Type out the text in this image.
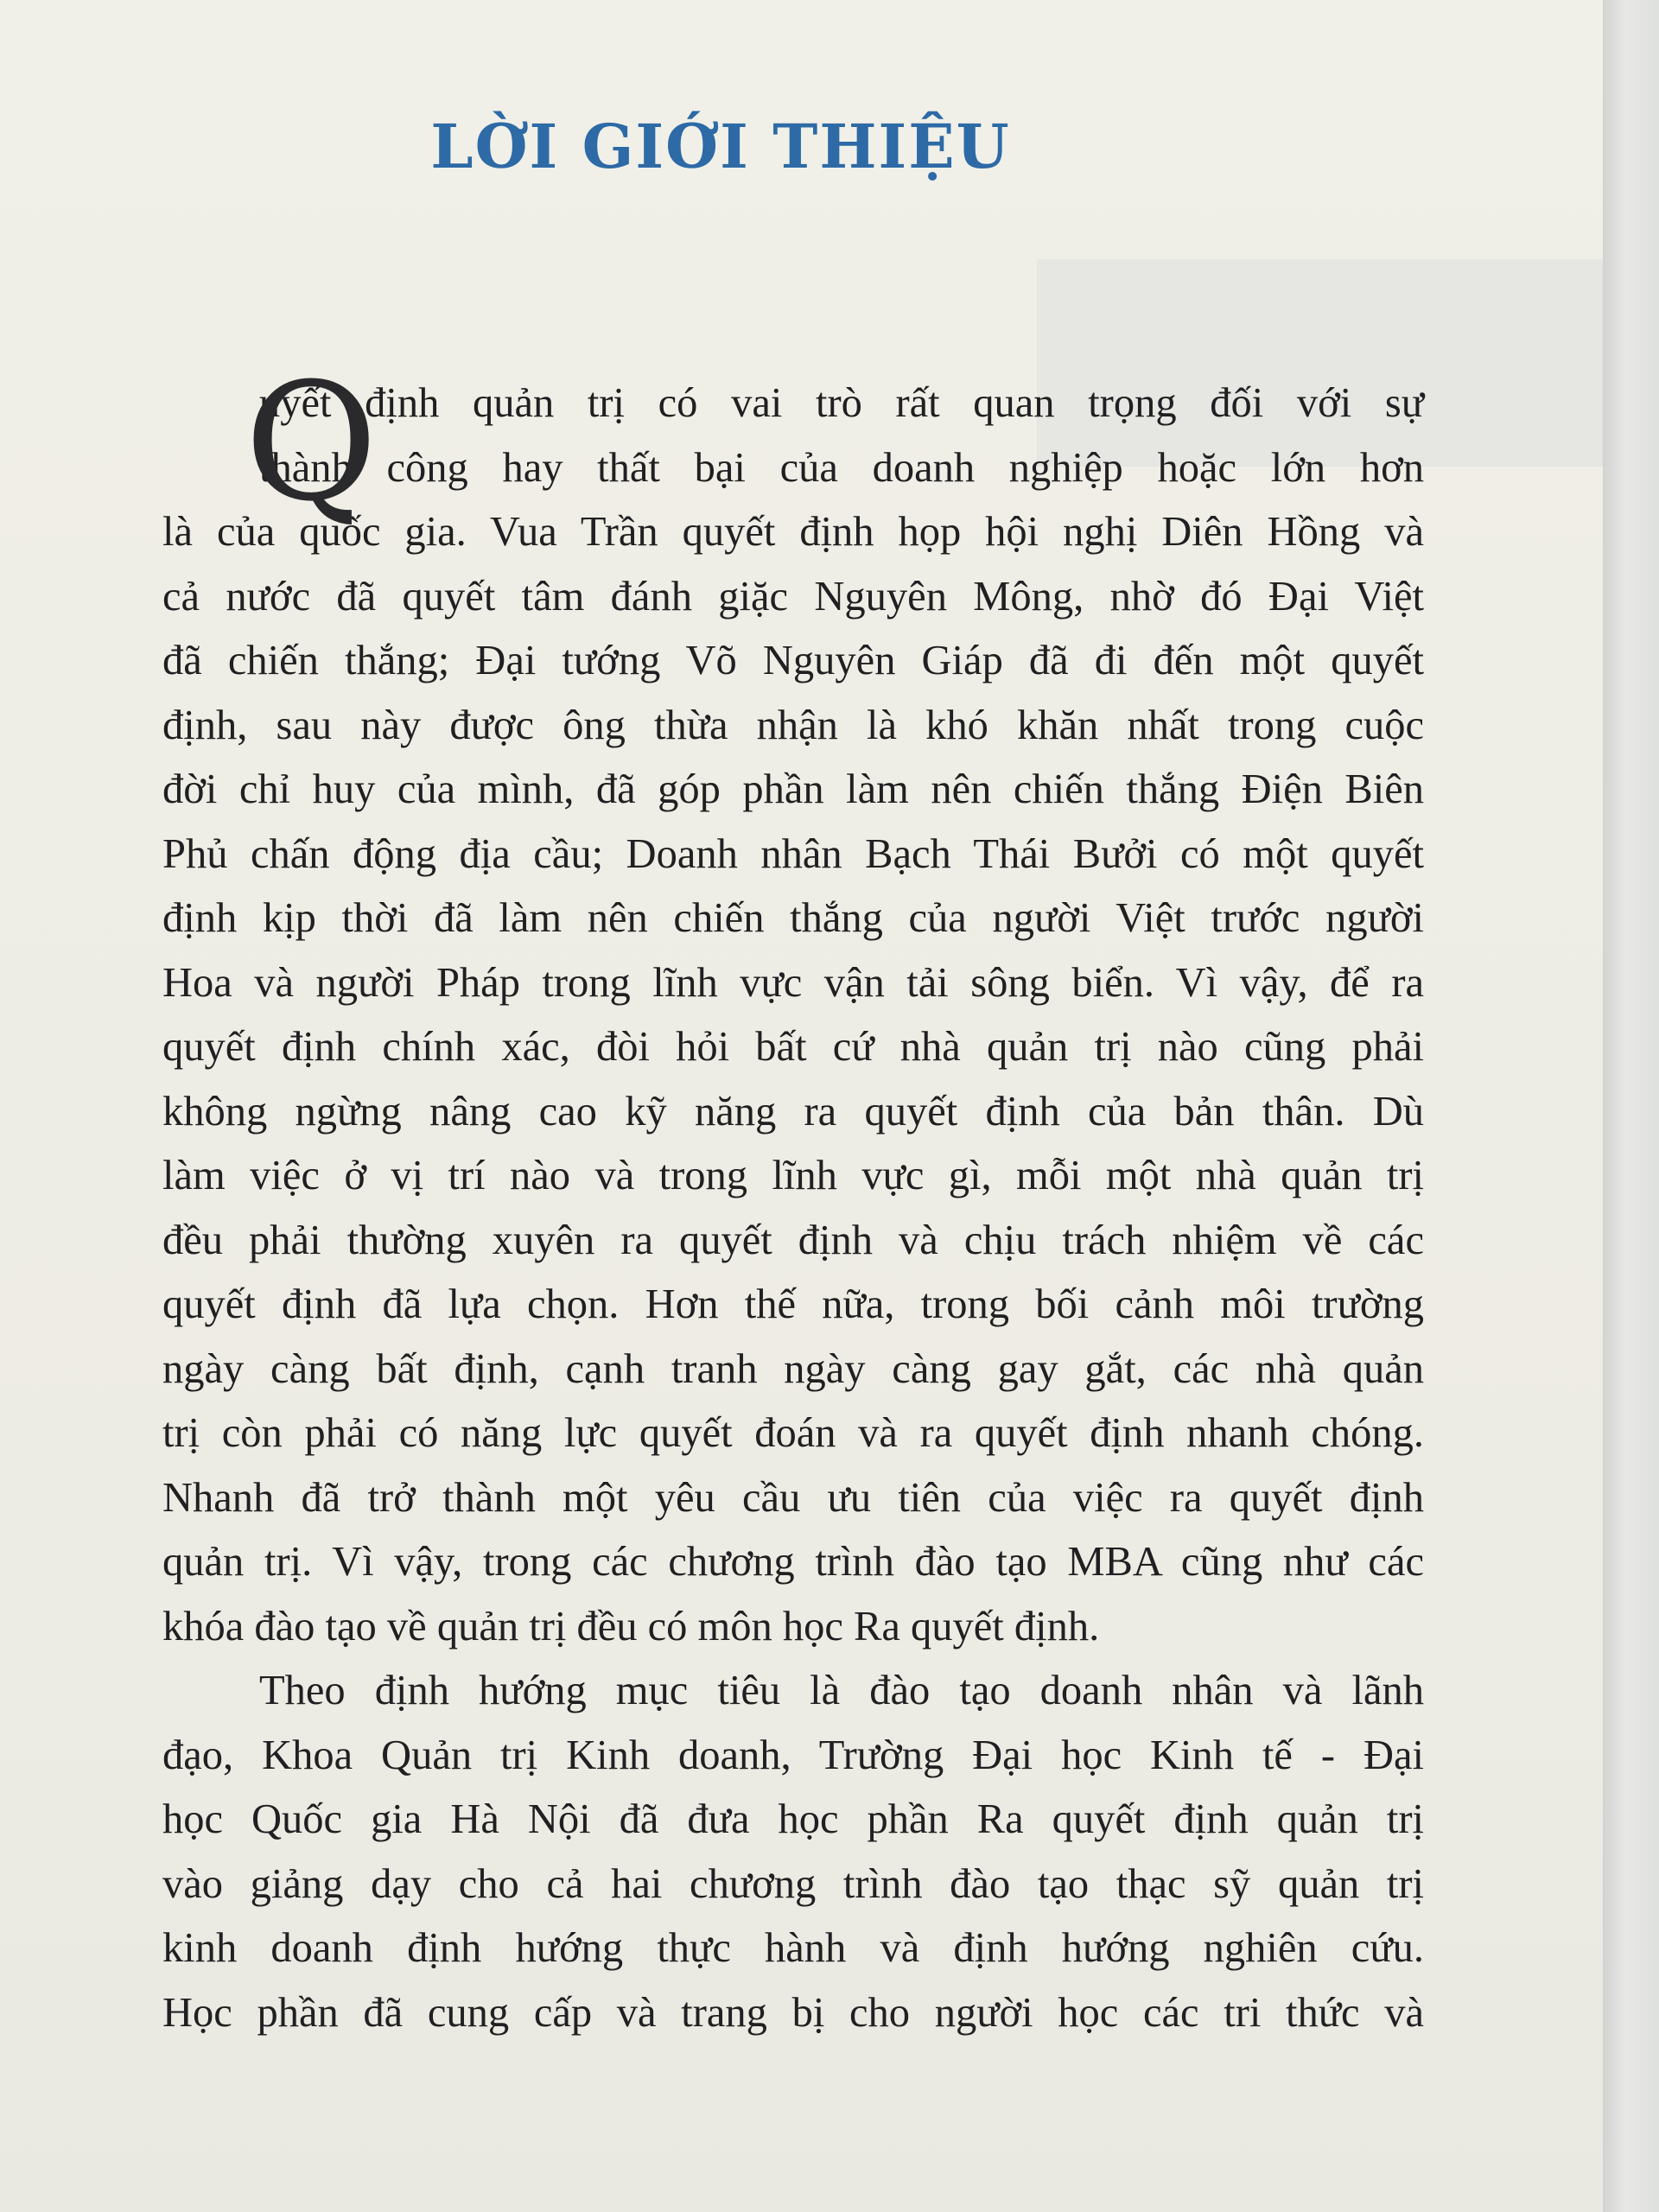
LỜI GIỚI THIỆU
Q
uyết định quản trị có vai trò rất quan trọng đối với sự
thành công hay thất bại của doanh nghiệp hoặc lớn hơn
là của quốc gia. Vua Trần quyết định họp hội nghị Diên Hồng và
cả nước đã quyết tâm đánh giặc Nguyên Mông, nhờ đó Đại Việt
đã chiến thắng; Đại tướng Võ Nguyên Giáp đã đi đến một quyết
định, sau này được ông thừa nhận là khó khăn nhất trong cuộc
đời chỉ huy của mình, đã góp phần làm nên chiến thắng Điện Biên
Phủ chấn động địa cầu; Doanh nhân Bạch Thái Bưởi có một quyết
định kịp thời đã làm nên chiến thắng của người Việt trước người
Hoa và người Pháp trong lĩnh vực vận tải sông biển. Vì vậy, để ra
quyết định chính xác, đòi hỏi bất cứ nhà quản trị nào cũng phải
không ngừng nâng cao kỹ năng ra quyết định của bản thân. Dù
làm việc ở vị trí nào và trong lĩnh vực gì, mỗi một nhà quản trị
đều phải thường xuyên ra quyết định và chịu trách nhiệm về các
quyết định đã lựa chọn. Hơn thế nữa, trong bối cảnh môi trường
ngày càng bất định, cạnh tranh ngày càng gay gắt, các nhà quản
trị còn phải có năng lực quyết đoán và ra quyết định nhanh chóng.
Nhanh đã trở thành một yêu cầu ưu tiên của việc ra quyết định
quản trị. Vì vậy, trong các chương trình đào tạo MBA cũng như các
khóa đào tạo về quản trị đều có môn học Ra quyết định.
Theo định hướng mục tiêu là đào tạo doanh nhân và lãnh
đạo, Khoa Quản trị Kinh doanh, Trường Đại học Kinh tế - Đại
học Quốc gia Hà Nội đã đưa học phần Ra quyết định quản trị
vào giảng dạy cho cả hai chương trình đào tạo thạc sỹ quản trị
kinh doanh định hướng thực hành và định hướng nghiên cứu.
Học phần đã cung cấp và trang bị cho người học các tri thức và
